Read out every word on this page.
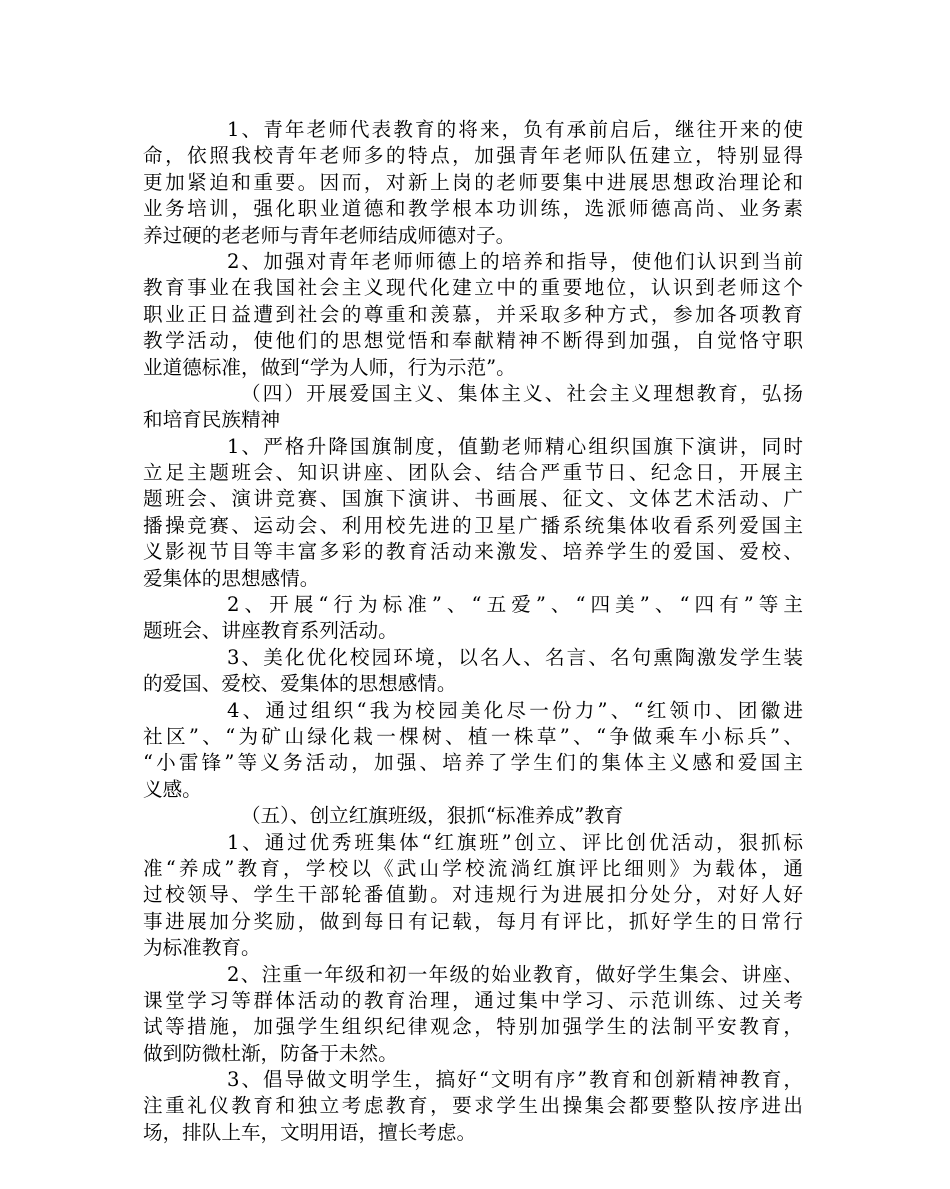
1、青年老师代表教育的将来，负有承前启后，继往开来的使
命，依照我校青年老师多的特点，加强青年老师队伍建立，特别显得
更加紧迫和重要。因而，对新上岗的老师要集中进展思想政治理论和
业务培训，强化职业道德和教学根本功训练，选派师德高尚、业务素
养过硬的老老师与青年老师结成师德对子。
2、加强对青年老师师德上的培养和指导，使他们认识到当前
教育事业在我国社会主义现代化建立中的重要地位，认识到老师这个
职业正日益遭到社会的尊重和羡慕，并采取多种方式，参加各项教育
教学活动，使他们的思想觉悟和奉献精神不断得到加强，自觉恪守职
业道德标准，做到“学为人师，行为示范”。
（四）开展爱国主义、集体主义、社会主义理想教育，弘扬
和培育民族精神
1、严格升降国旗制度，值勤老师精心组织国旗下演讲，同时
立足主题班会、知识讲座、团队会、结合严重节日、纪念日，开展主
题班会、演讲竞赛、国旗下演讲、书画展、征文、文体艺术活动、广
播操竞赛、运动会、利用校先进的卫星广播系统集体收看系列爱国主
义影视节目等丰富多彩的教育活动来激发、培养学生的爱国、爱校、
爱集体的思想感情。
2、开展“行为标准”、“五爱”、“四美”、“四有”等主
题班会、讲座教育系列活动。
3、美化优化校园环境，以名人、名言、名句熏陶激发学生装
的爱国、爱校、爱集体的思想感情。
4、通过组织“我为校园美化尽一份力”、“红领巾、团徽进
社区”、“为矿山绿化栽一棵树、植一株草”、“争做乘车小标兵”、
“小雷锋”等义务活动，加强、培养了学生们的集体主义感和爱国主
义感。
（五）、创立红旗班级，狠抓“标准养成”教育
1、通过优秀班集体“红旗班”创立、评比创优活动，狠抓标
准“养成”教育，学校以《武山学校流淌红旗评比细则》为载体，通
过校领导、学生干部轮番值勤。对违规行为进展扣分处分，对好人好
事进展加分奖励，做到每日有记载，每月有评比，抓好学生的日常行
为标准教育。
2、注重一年级和初一年级的始业教育，做好学生集会、讲座、
课堂学习等群体活动的教育治理，通过集中学习、示范训练、过关考
试等措施，加强学生组织纪律观念，特别加强学生的法制平安教育，
做到防微杜渐，防备于未然。
3、倡导做文明学生，搞好“文明有序”教育和创新精神教育，
注重礼仪教育和独立考虑教育，要求学生出操集会都要整队按序进出
场，排队上车，文明用语，擅长考虑。
